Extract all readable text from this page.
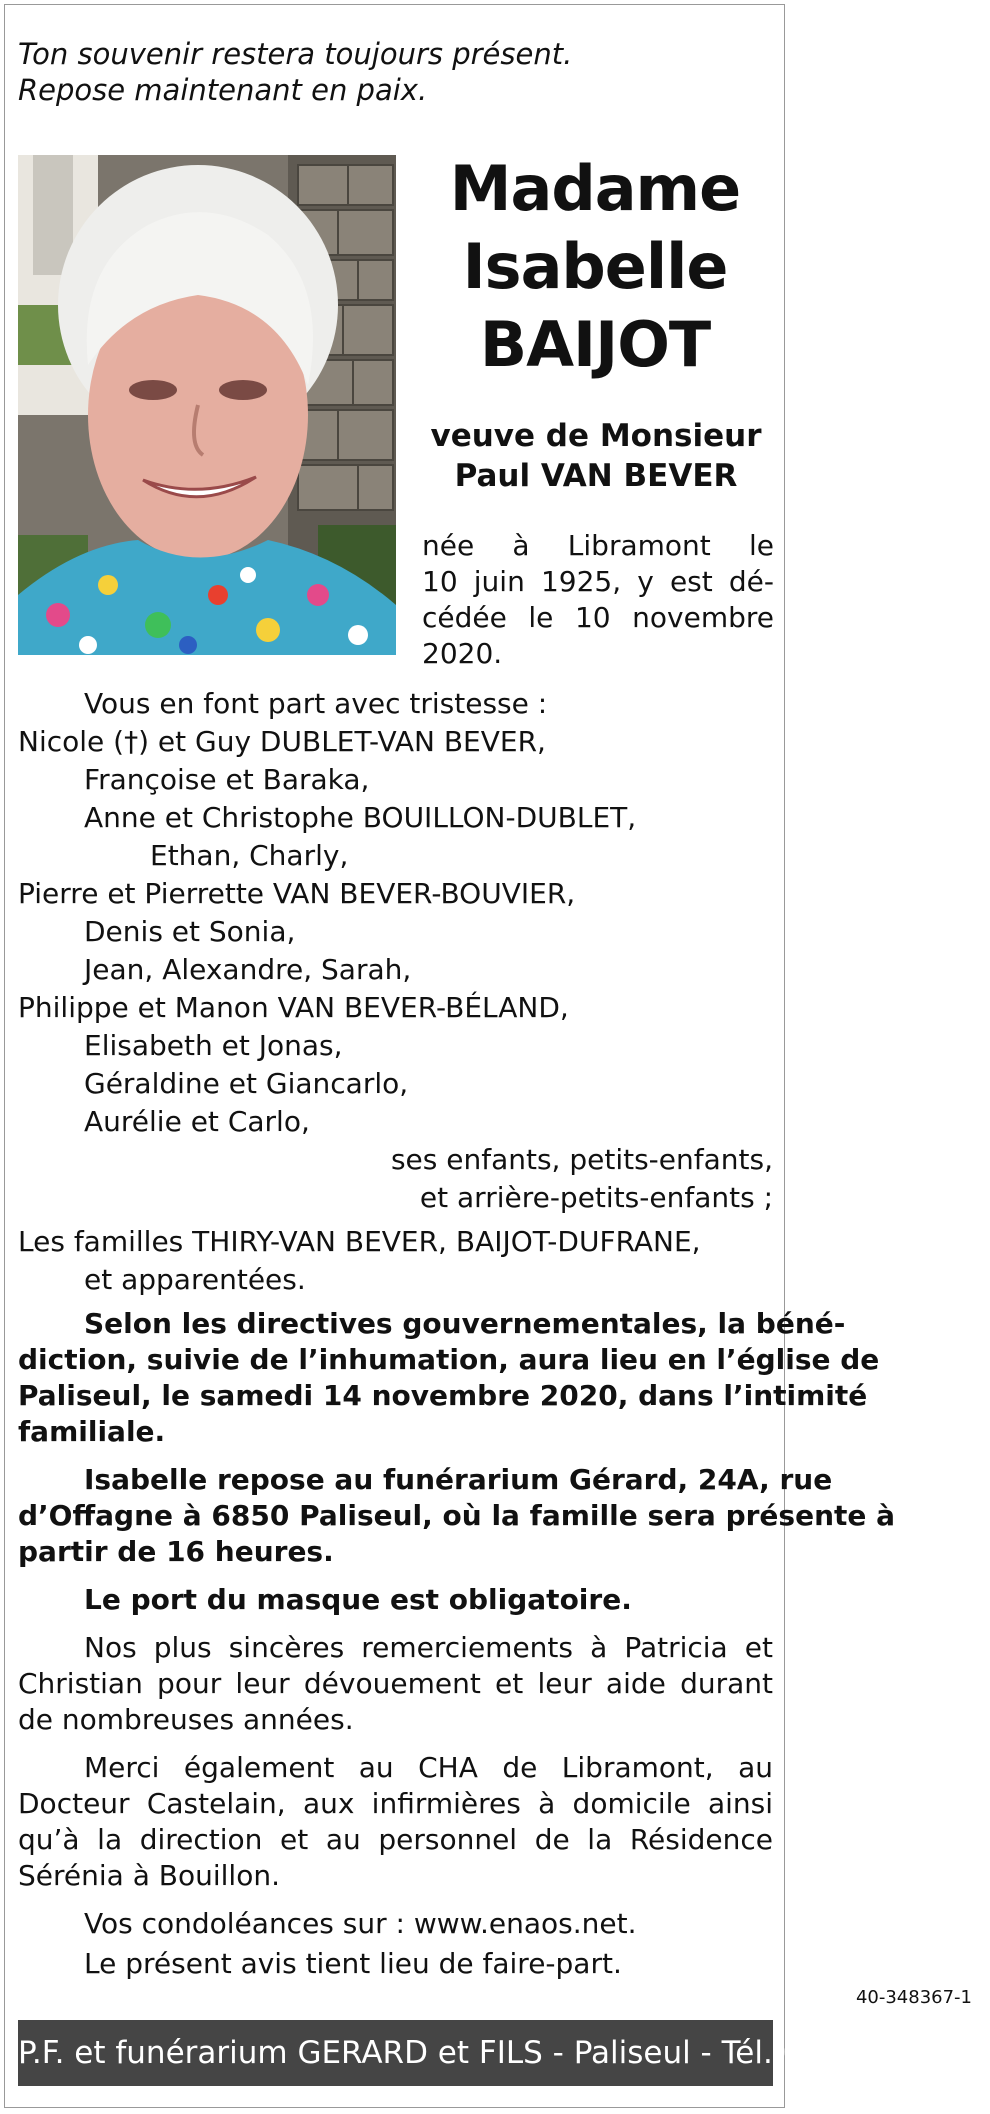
Ton souvenir restera toujours présent.
Repose maintenant en paix.
Madame
Isabelle
BAIJOT
veuve de Monsieur
Paul VAN BEVER
née à Libramont le
10 juin 1925, y est dé-
cédée le 10 novembre
2020.
Vous en font part avec tristesse :
Nicole (†) et Guy DUBLET-VAN BEVER,
Françoise et Baraka,
Anne et Christophe BOUILLON-DUBLET,
Ethan, Charly,
Pierre et Pierrette VAN BEVER-BOUVIER,
Denis et Sonia,
Jean, Alexandre, Sarah,
Philippe et Manon VAN BEVER-BÉLAND,
Elisabeth et Jonas,
Géraldine et Giancarlo,
Aurélie et Carlo,
ses enfants, petits-enfants,
et arrière-petits-enfants ;
Les familles THIRY-VAN BEVER, BAIJOT-DUFRANE,
et apparentées.
Selon les directives gouvernementales, la béné-
diction, suivie de l’inhumation, aura lieu en l’église de
Paliseul, le samedi 14 novembre 2020, dans l’intimité
familiale.
Isabelle repose au funérarium Gérard, 24A, rue
d’Offagne à 6850 Paliseul, où la famille sera présente à
partir de 16 heures.
Le port du masque est obligatoire.
Nos plus sincères remerciements à Patricia et
Christian pour leur dévouement et leur aide durant
de nombreuses années.
Merci également au CHA de Libramont, au
Docteur Castelain, aux infirmières à domicile ainsi
qu’à la direction et au personnel de la Résidence
Sérénia à Bouillon.
Vos condoléances sur : www.enaos.net.
Le présent avis tient lieu de faire-part.
40-348367-1
P.F. et funérarium GERARD et FILS - Paliseul - Tél. 061 53 32 84
